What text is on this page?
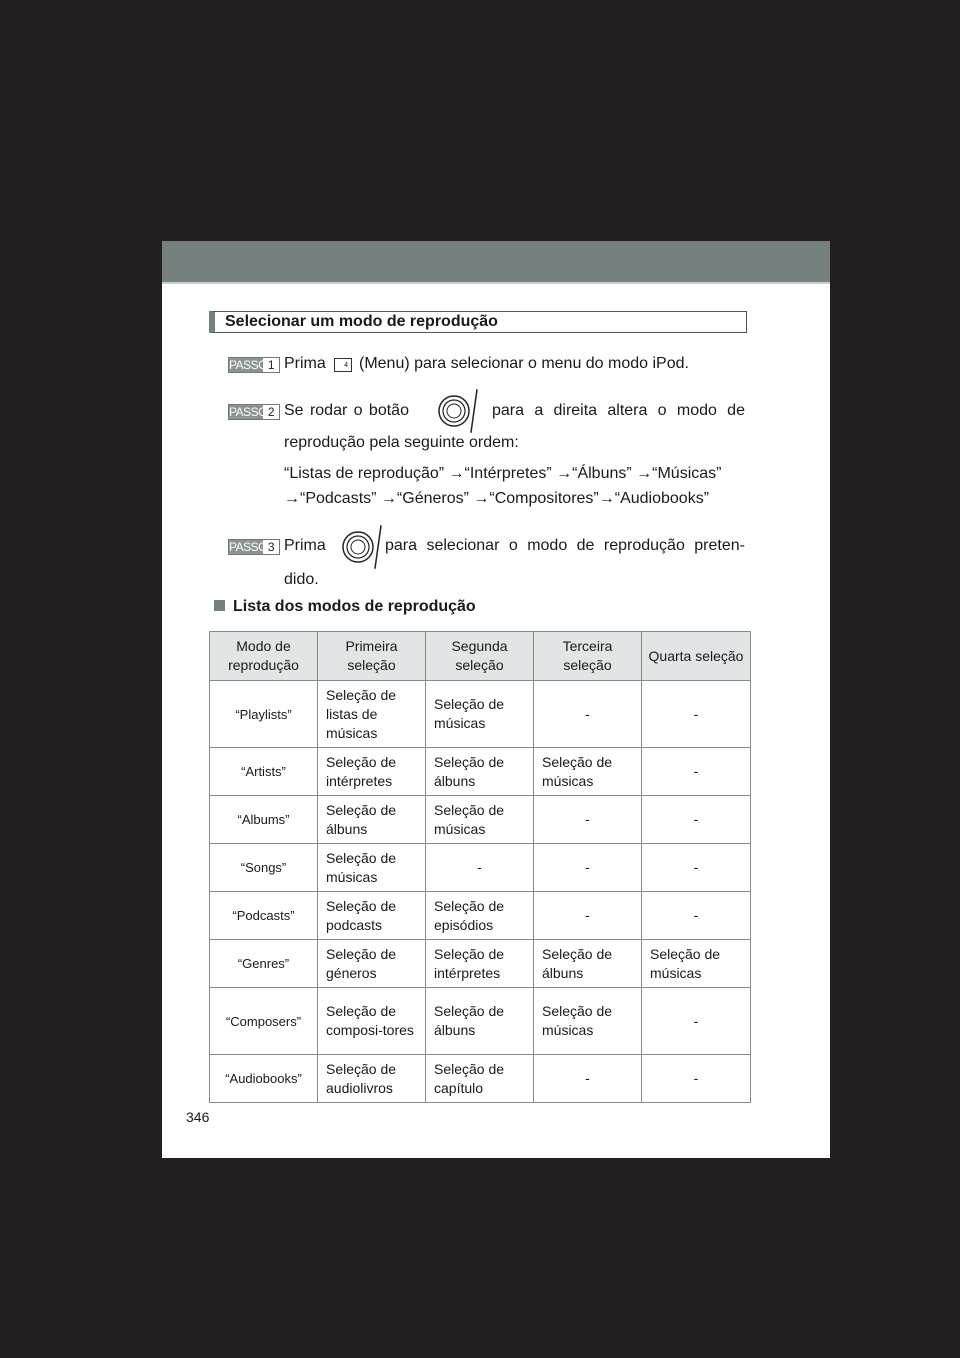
Selecionar um modo de reprodução
PASSO 1 Prima	4 (Menu) para selecionar o menu do modo iPod.
PASSO 2 Se rodar o botão	para a direita altera o modo de
reprodução pela seguinte ordem:
“Listas de reprodução” →“Intérpretes” →“Álbuns” →“Músicas”
→“Podcasts” →“Géneros” →“Compositores”→“Audiobooks”
PASSO 3 Prima	para selecionar o modo de reprodução preten-
dido.
Lista dos modos de reprodução
Modo de reprodução	Primeira seleção	Segunda seleção	Terceira seleção	Quarta seleção
“Playlists”	Seleção de listas de músicas	Seleção de músicas	-	-
“Artists”	Seleção de intérpretes	Seleção de álbuns	Seleção de músicas	-
“Albums”	Seleção de álbuns	Seleção de músicas	-	-
“Songs”	Seleção de músicas	-	-	-
“Podcasts”	Seleção de podcasts	Seleção de episódios	-	-
“Genres”	Seleção de géneros	Seleção de intérpretes	Seleção de álbuns	Seleção de músicas
“Composers”	Seleção de composi-tores	Seleção de álbuns	Seleção de músicas	-
“Audiobooks”	Seleção de audiolivros	Seleção de capítulo	-	-
346
